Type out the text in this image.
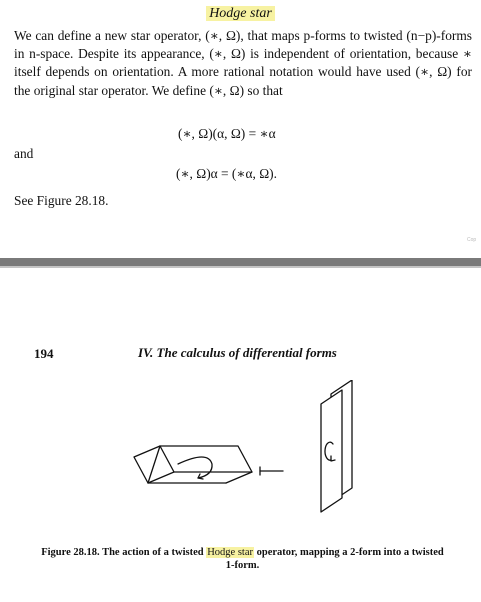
Hodge star
We can define a new star operator, (∗, Ω), that maps p-forms to twisted (n−p)-forms in n-space. Despite its appearance, (∗, Ω) is independent of orientation, because ∗ itself depends on orientation. A more rational notation would have used (∗, Ω) for the original star operator. We define (∗, Ω) so that
(∗, Ω)(α, Ω) = ∗α
and
(∗, Ω)α = (∗α, Ω).
See Figure 28.18.
Cop
194	IV. The calculus of differential forms
Figure 28.18. The action of a twisted Hodge star operator, mapping a 2-form into a twisted 1-form.
